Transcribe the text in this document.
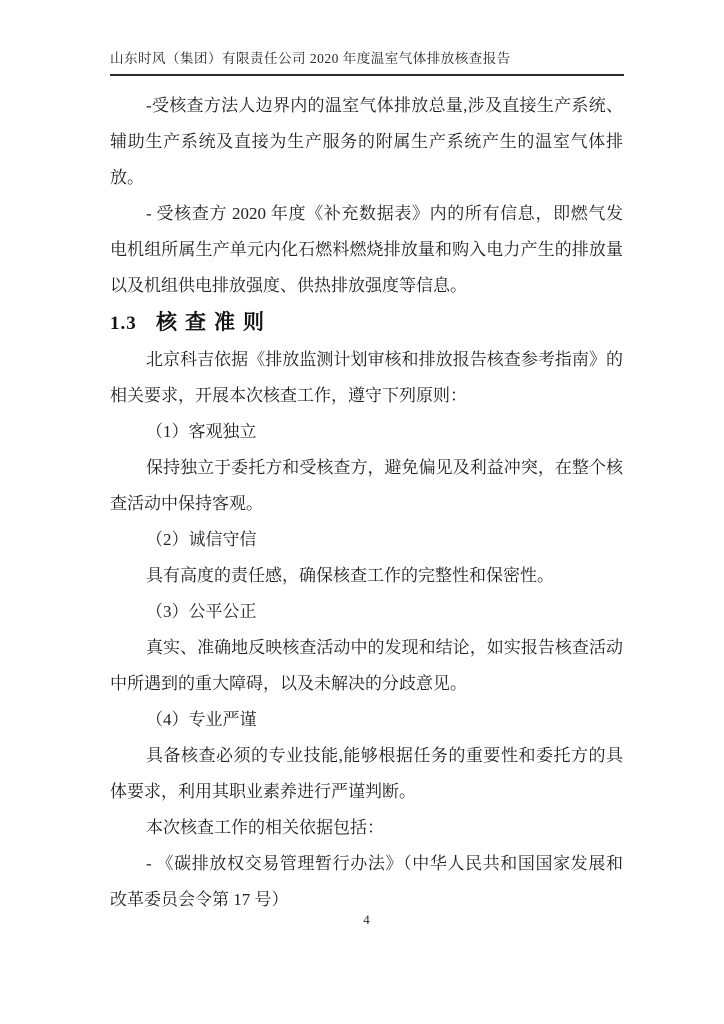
山东时风（集团）有限责任公司 2020 年度温室气体排放核查报告

-受核查方法人边界内的温室气体排放总量,涉及直接生产系统、辅助生产系统及直接为生产服务的附属生产系统产生的温室气体排放。

- 受核查方 2020 年度《补充数据表》内的所有信息，即燃气发电机组所属生产单元内化石燃料燃烧排放量和购入电力产生的排放量以及机组供电排放强度、供热排放强度等信息。

1.3 核查准则

北京科吉依据《排放监测计划审核和排放报告核查参考指南》的相关要求，开展本次核查工作，遵守下列原则：

（1）客观独立

保持独立于委托方和受核查方，避免偏见及利益冲突，在整个核查活动中保持客观。

（2）诚信守信

具有高度的责任感，确保核查工作的完整性和保密性。

（3）公平公正

真实、准确地反映核查活动中的发现和结论，如实报告核查活动中所遇到的重大障碍，以及未解决的分歧意见。

（4）专业严谨

具备核查必须的专业技能,能够根据任务的重要性和委托方的具体要求，利用其职业素养进行严谨判断。

本次核查工作的相关依据包括：

- 《碳排放权交易管理暂行办法》（中华人民共和国国家发展和改革委员会令第 17 号）

4
